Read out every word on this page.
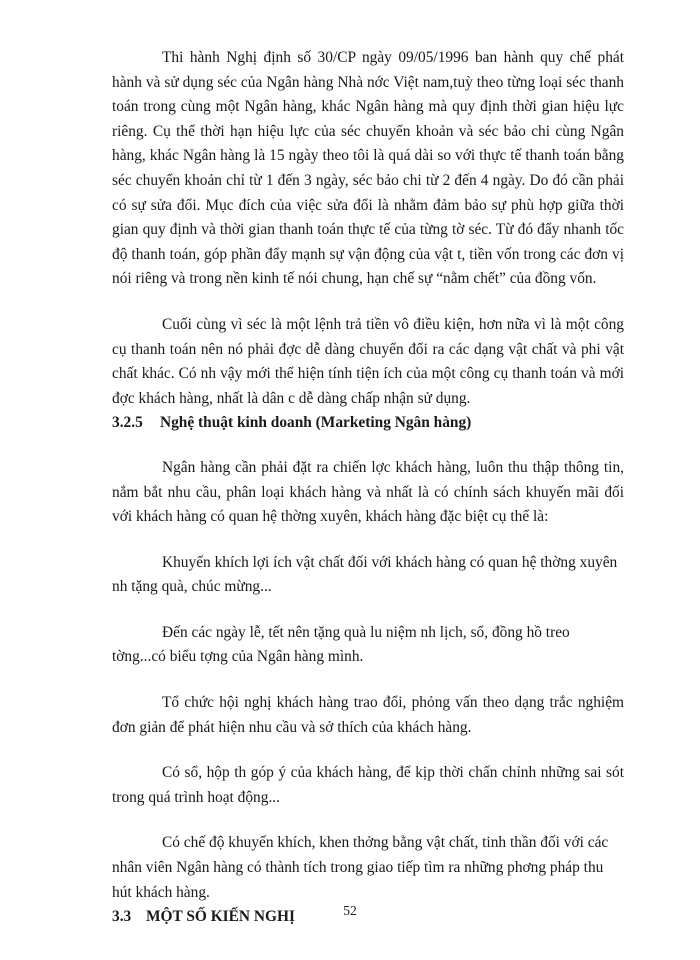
Thi hành Nghị định số 30/CP ngày 09/05/1996 ban hành quy chế phát hành và sử dụng séc của Ngân hàng Nhà nớc Việt nam,tuỳ theo từng loại séc thanh toán trong cùng một Ngân hàng, khác Ngân hàng mà quy định thời gian hiệu lực riêng. Cụ thể thời hạn hiệu lực của séc chuyển khoản và séc bảo chi cùng Ngân hàng, khác Ngân hàng là 15 ngày theo tôi là quá dài so với thực tế thanh toán bằng séc chuyển khoản chỉ từ 1 đến 3 ngày, séc bảo chi từ 2 đến 4 ngày. Do đó cần phải có sự sửa đổi. Mục đích của việc sửa đổi là nhằm đảm bảo sự phù hợp giữa thời gian quy định và thời gian thanh toán thực tế của từng tờ séc. Từ đó đẩy nhanh tốc độ thanh toán, góp phần đẩy mạnh sự vận động của vật t, tiền vốn trong các đơn vị nói riêng và trong nền kinh tế nói chung, hạn chế sự “nằm chết” của đồng vốn.

Cuối cùng vì séc là một lệnh trả tiền vô điều kiện, hơn nữa vì là một công cụ thanh toán nên nó phải đợc dễ dàng chuyển đổi ra các dạng vật chất và phi vật chất khác. Có nh vậy mới thể hiện tính tiện ích của một công cụ thanh toán và mới đợc khách hàng, nhất là dân c dễ dàng chấp nhận sử dụng.

3.2.5 Nghệ thuật kinh doanh (Marketing Ngân hàng)

Ngân hàng cần phải đặt ra chiến lợc khách hàng, luôn thu thập thông tin, nắm bắt nhu cầu, phân loại khách hàng và nhất là có chính sách khuyến mãi đối với khách hàng có quan hệ thờng xuyên, khách hàng đặc biệt cụ thể là:

Khuyến khích lợi ích vật chất đối với khách hàng có quan hệ thờng xuyên nh tặng quà, chúc mừng...

Đến các ngày lễ, tết nên tặng quà lu niệm nh lịch, sổ, đồng hồ treo tờng...có biểu tợng của Ngân hàng mình.

Tổ chức hội nghị khách hàng trao đổi, phỏng vấn theo dạng trắc nghiệm đơn giản để phát hiện nhu cầu và sở thích của khách hàng.

Có sổ, hộp th góp ý của khách hàng, để kịp thời chấn chỉnh những sai sót trong quá trình hoạt động...

Có chế độ khuyến khích, khen thởng bằng vật chất, tinh thần đối với các nhân viên Ngân hàng có thành tích trong giao tiếp tìm ra những phơng pháp thu hút khách hàng.

3.3 MỘT SỐ KIẾN NGHỊ	52
